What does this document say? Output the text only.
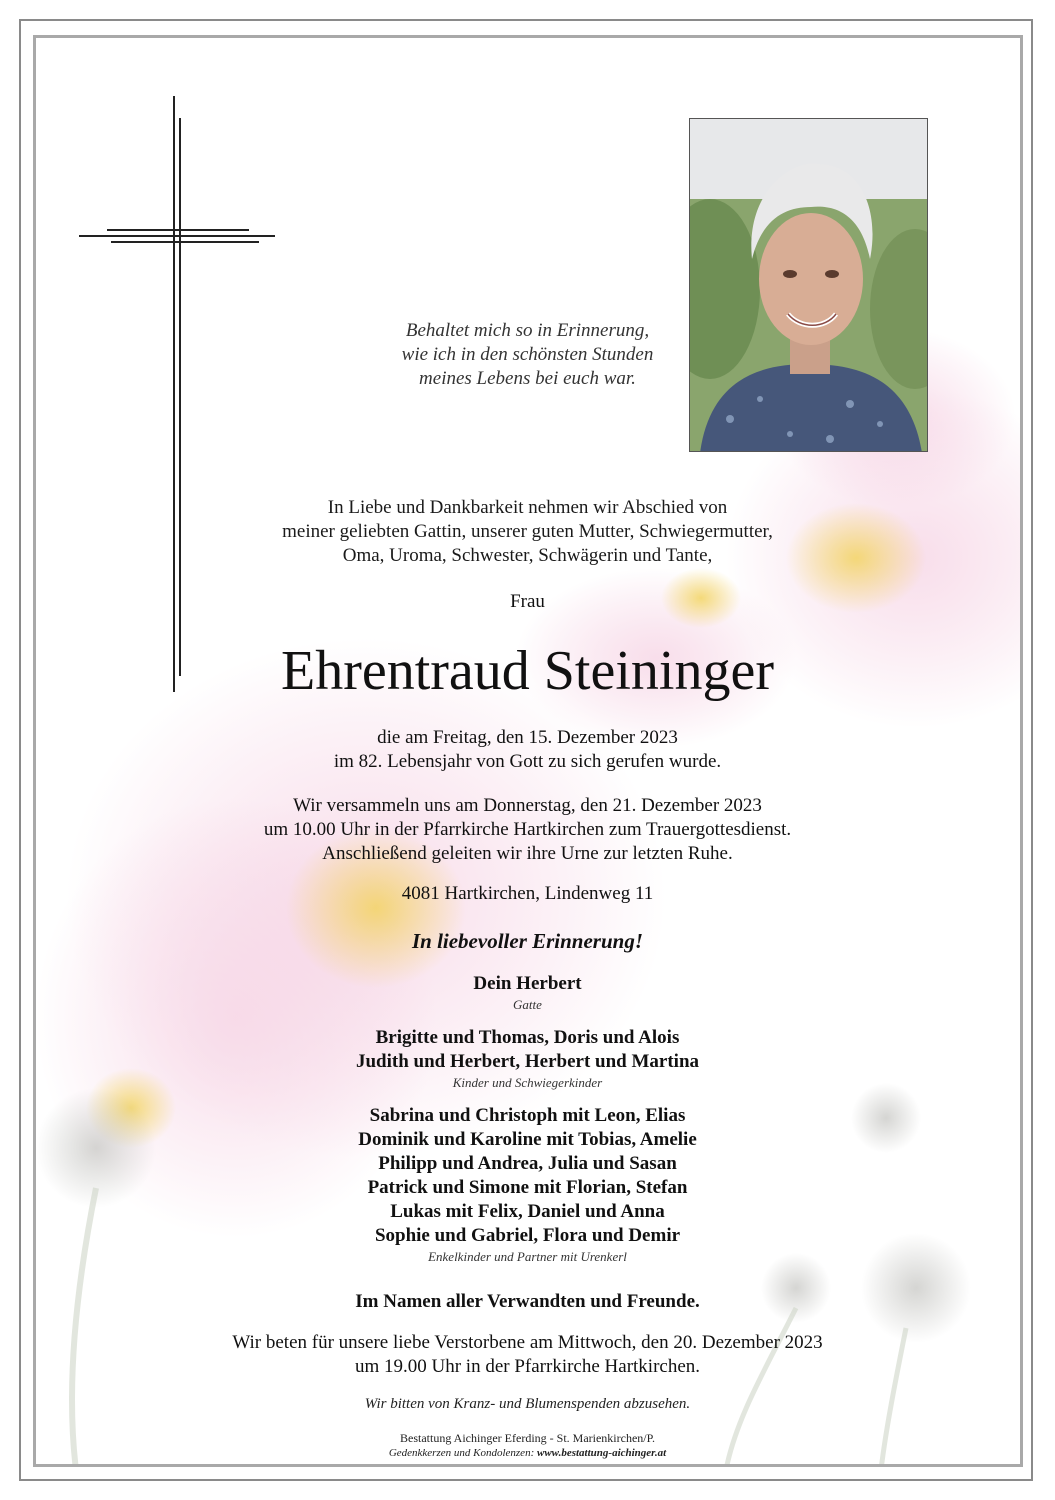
Behaltet mich so in Erinnerung,
wie ich in den schönsten Stunden
meines Lebens bei euch war.
In Liebe und Dankbarkeit nehmen wir Abschied von
meiner geliebten Gattin, unserer guten Mutter, Schwiegermutter,
Oma, Uroma, Schwester, Schwägerin und Tante,
Frau
Ehrentraud Steininger
die am Freitag, den 15. Dezember 2023
im 82. Lebensjahr von Gott zu sich gerufen wurde.
Wir versammeln uns am Donnerstag, den 21. Dezember 2023
um 10.00 Uhr in der Pfarrkirche Hartkirchen zum Trauergottesdienst.
Anschließend geleiten wir ihre Urne zur letzten Ruhe.
4081 Hartkirchen, Lindenweg 11
In liebevoller Erinnerung!
Dein Herbert
Gatte
Brigitte und Thomas, Doris und Alois
Judith und Herbert, Herbert und Martina
Kinder und Schwiegerkinder
Sabrina und Christoph mit Leon, Elias
Dominik und Karoline mit Tobias, Amelie
Philipp und Andrea, Julia und Sasan
Patrick und Simone mit Florian, Stefan
Lukas mit Felix, Daniel und Anna
Sophie und Gabriel, Flora und Demir
Enkelkinder und Partner mit Urenkerl
Im Namen aller Verwandten und Freunde.
Wir beten für unsere liebe Verstorbene am Mittwoch, den 20. Dezember 2023
um 19.00 Uhr in der Pfarrkirche Hartkirchen.
Wir bitten von Kranz- und Blumenspenden abzusehen.
Bestattung Aichinger Eferding - St. Marienkirchen/P.
Gedenkkerzen und Kondolenzen: www.bestattung-aichinger.at
